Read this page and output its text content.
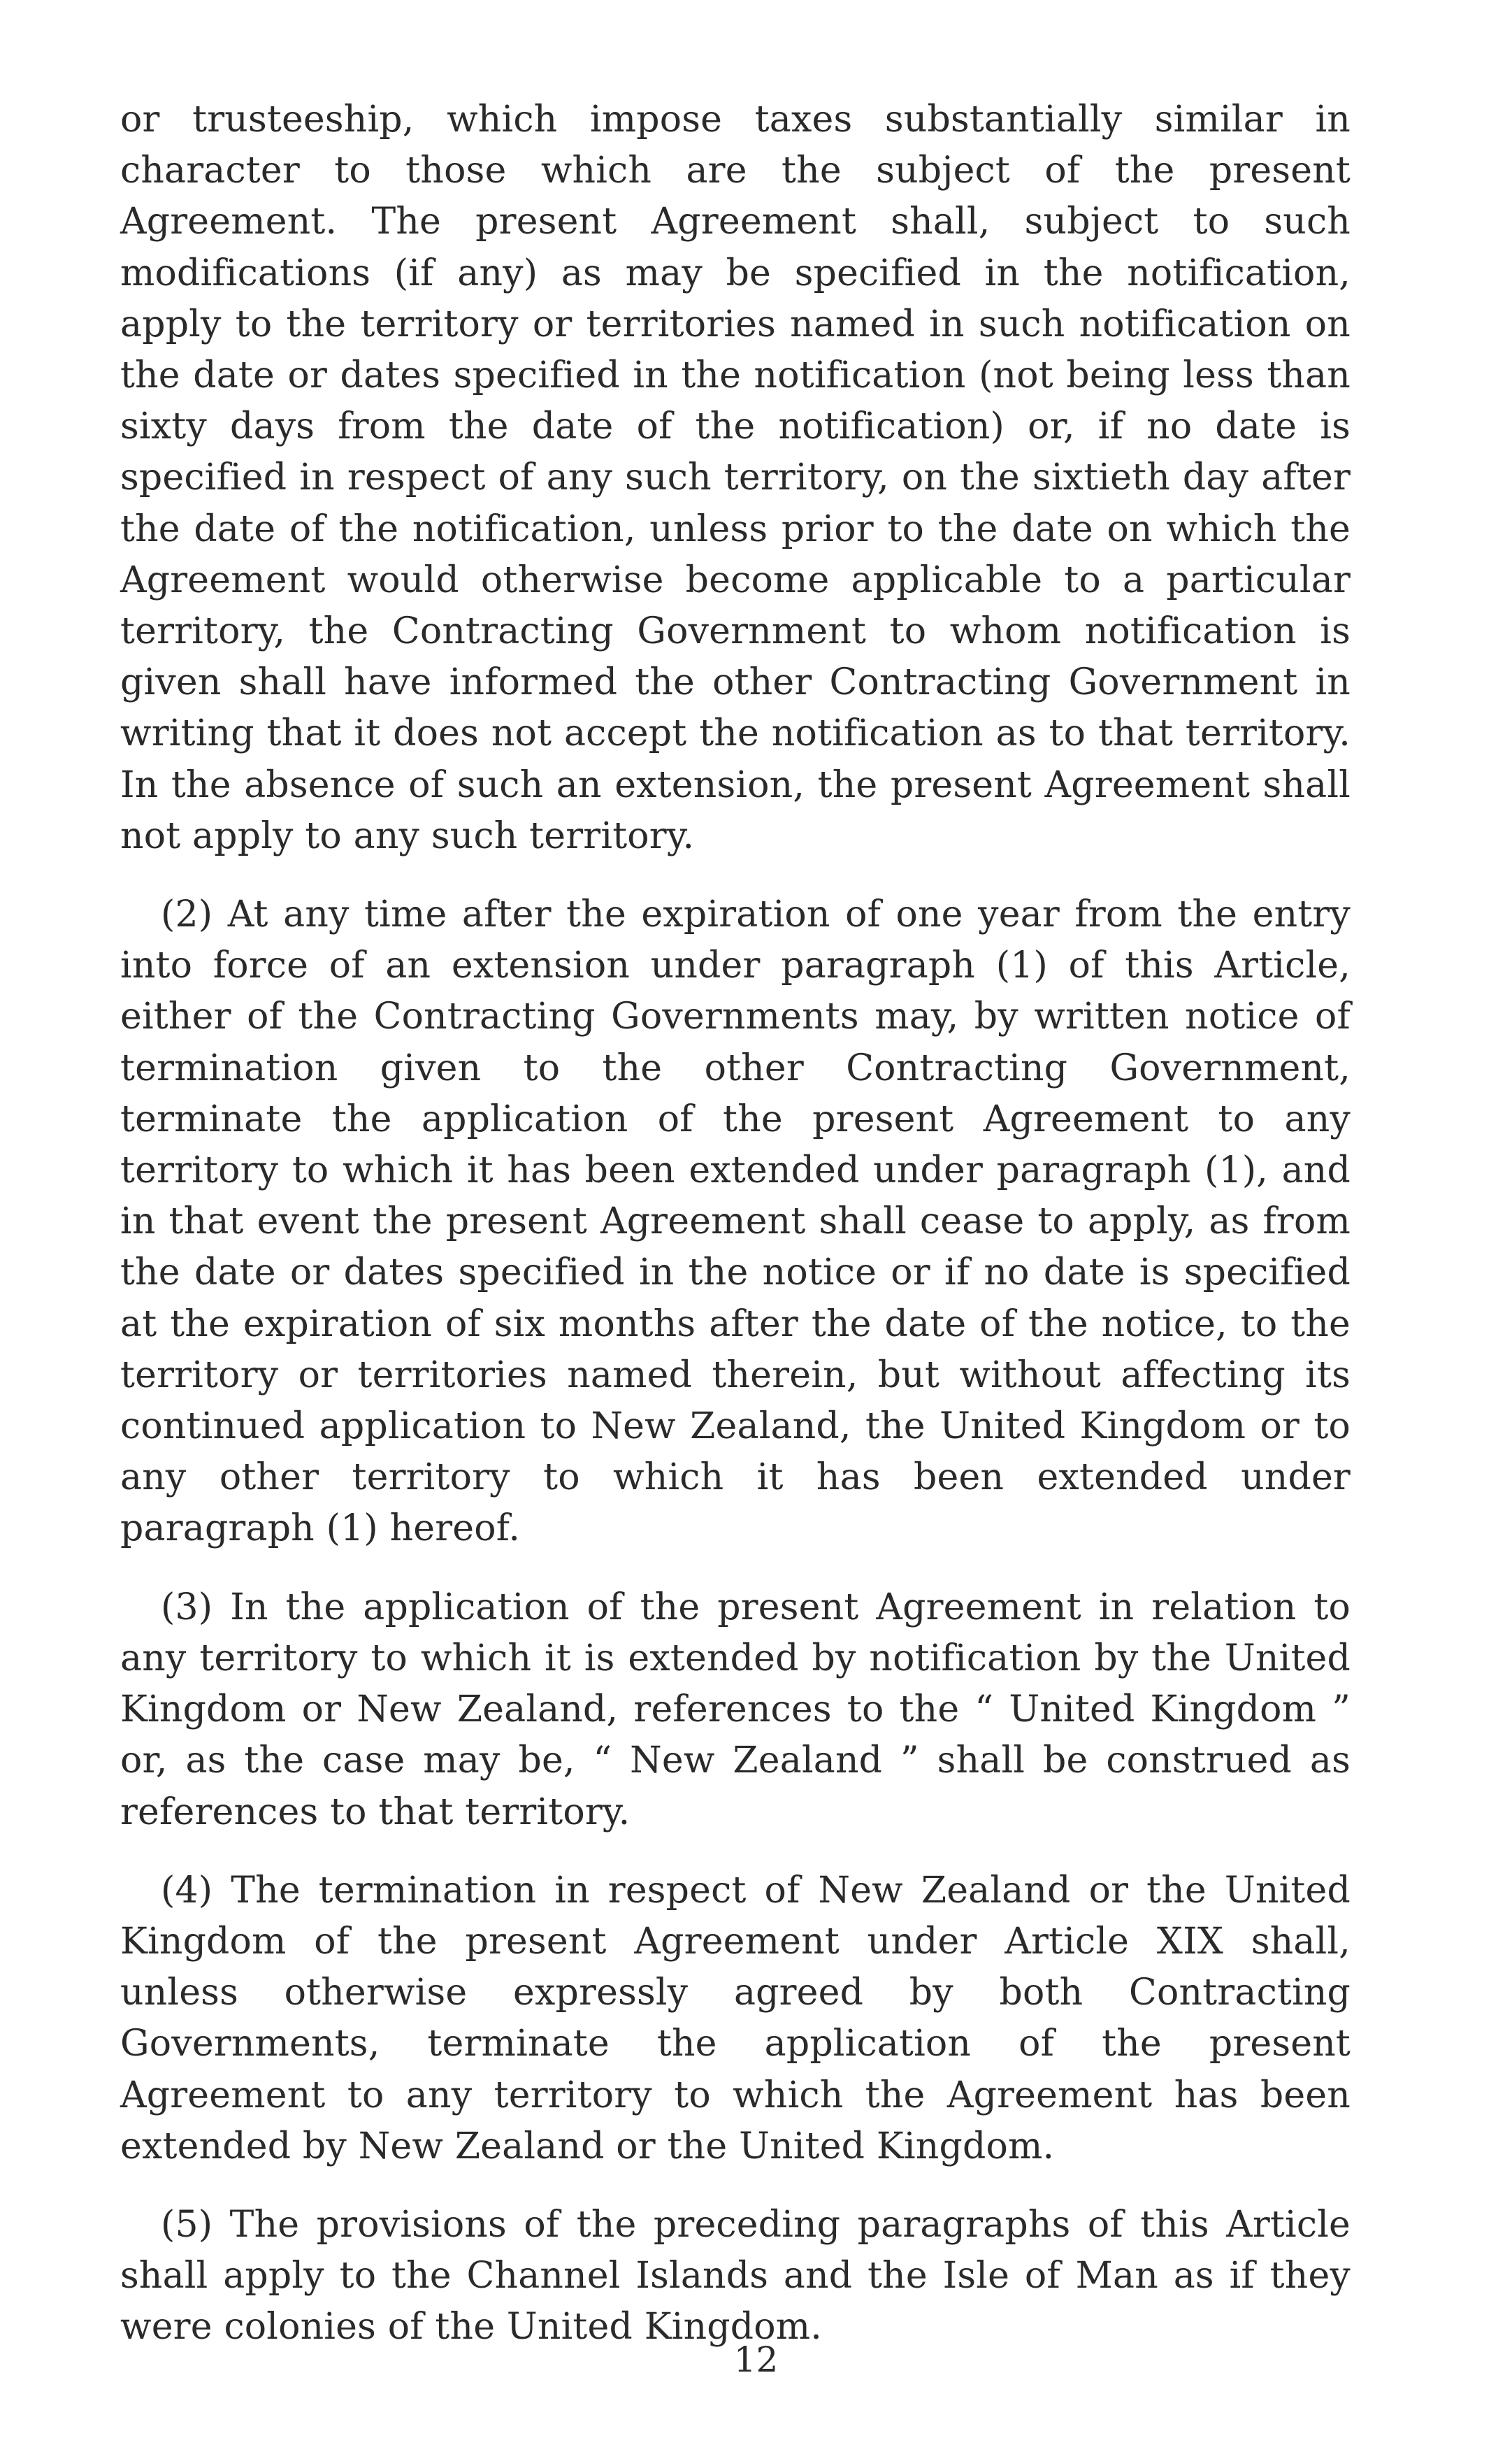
or trusteeship, which impose taxes substantially similar in character to those which are the subject of the present Agreement. The present Agreement shall, subject to such modifications (if any) as may be specified in the notification, apply to the territory or territories named in such notification on the date or dates specified in the notification (not being less than sixty days from the date of the notification) or, if no date is specified in respect of any such territory, on the sixtieth day after the date of the notification, unless prior to the date on which the Agreement would otherwise become applicable to a particular territory, the Contracting Government to whom notification is given shall have informed the other Contracting Government in writing that it does not accept the notification as to that territory. In the absence of such an extension, the present Agreement shall not apply to any such territory.

(2) At any time after the expiration of one year from the entry into force of an extension under paragraph (1) of this Article, either of the Contracting Governments may, by written notice of termination given to the other Contracting Government, terminate the application of the present Agreement to any territory to which it has been extended under paragraph (1), and in that event the present Agreement shall cease to apply, as from the date or dates specified in the notice or if no date is specified at the expiration of six months after the date of the notice, to the territory or territories named therein, but without affecting its continued application to New Zealand, the United Kingdom or to any other territory to which it has been extended under paragraph (1) hereof.

(3) In the application of the present Agreement in relation to any territory to which it is extended by notification by the United Kingdom or New Zealand, references to the “ United Kingdom ” or, as the case may be, “ New Zealand ” shall be construed as references to that territory.

(4) The termination in respect of New Zealand or the United Kingdom of the present Agreement under Article XIX shall, unless otherwise expressly agreed by both Contracting Governments, terminate the application of the present Agreement to any territory to which the Agreement has been extended by New Zealand or the United Kingdom.

(5) The provisions of the preceding paragraphs of this Article shall apply to the Channel Islands and the Isle of Man as if they were colonies of the United Kingdom.

12
